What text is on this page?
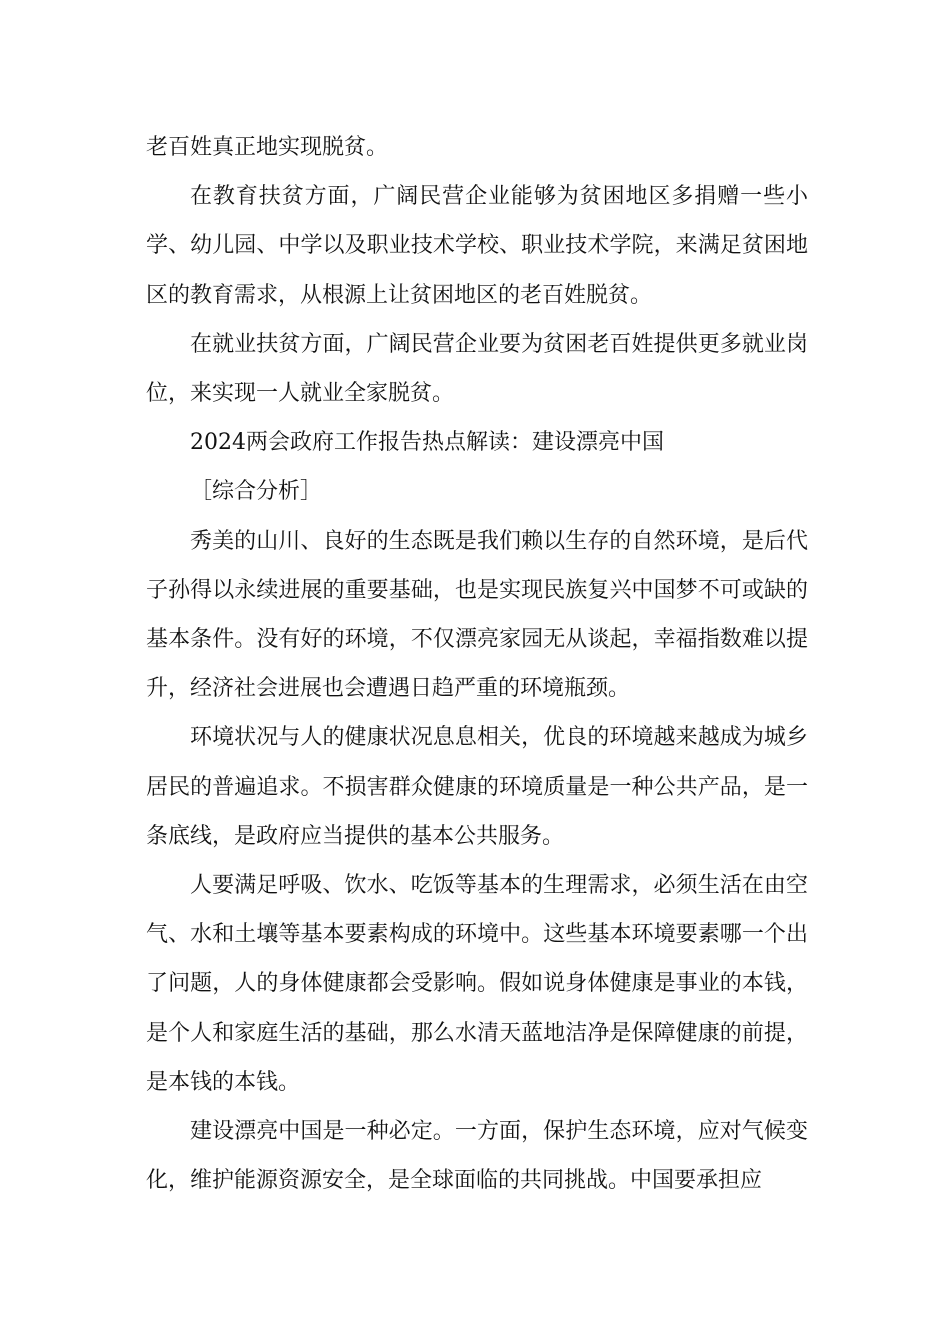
老百姓真正地实现脱贫。

在教育扶贫方面，广阔民营企业能够为贫困地区多捐赠一些小学、幼儿园、中学以及职业技术学校、职业技术学院，来满足贫困地区的教育需求，从根源上让贫困地区的老百姓脱贫。

在就业扶贫方面，广阔民营企业要为贫困老百姓提供更多就业岗位，来实现一人就业全家脱贫。

2024两会政府工作报告热点解读：建设漂亮中国

［综合分析］

秀美的山川、良好的生态既是我们赖以生存的自然环境，是后代子孙得以永续进展的重要基础，也是实现民族复兴中国梦不可或缺的基本条件。没有好的环境，不仅漂亮家园无从谈起，幸福指数难以提升，经济社会进展也会遭遇日趋严重的环境瓶颈。

环境状况与人的健康状况息息相关，优良的环境越来越成为城乡居民的普遍追求。不损害群众健康的环境质量是一种公共产品，是一条底线，是政府应当提供的基本公共服务。

人要满足呼吸、饮水、吃饭等基本的生理需求，必须生活在由空气、水和土壤等基本要素构成的环境中。这些基本环境要素哪一个出了问题，人的身体健康都会受影响。假如说身体健康是事业的本钱，是个人和家庭生活的基础，那么水清天蓝地洁净是保障健康的前提，是本钱的本钱。

建设漂亮中国是一种必定。一方面，保护生态环境，应对气候变化，维护能源资源安全，是全球面临的共同挑战。中国要承担应
